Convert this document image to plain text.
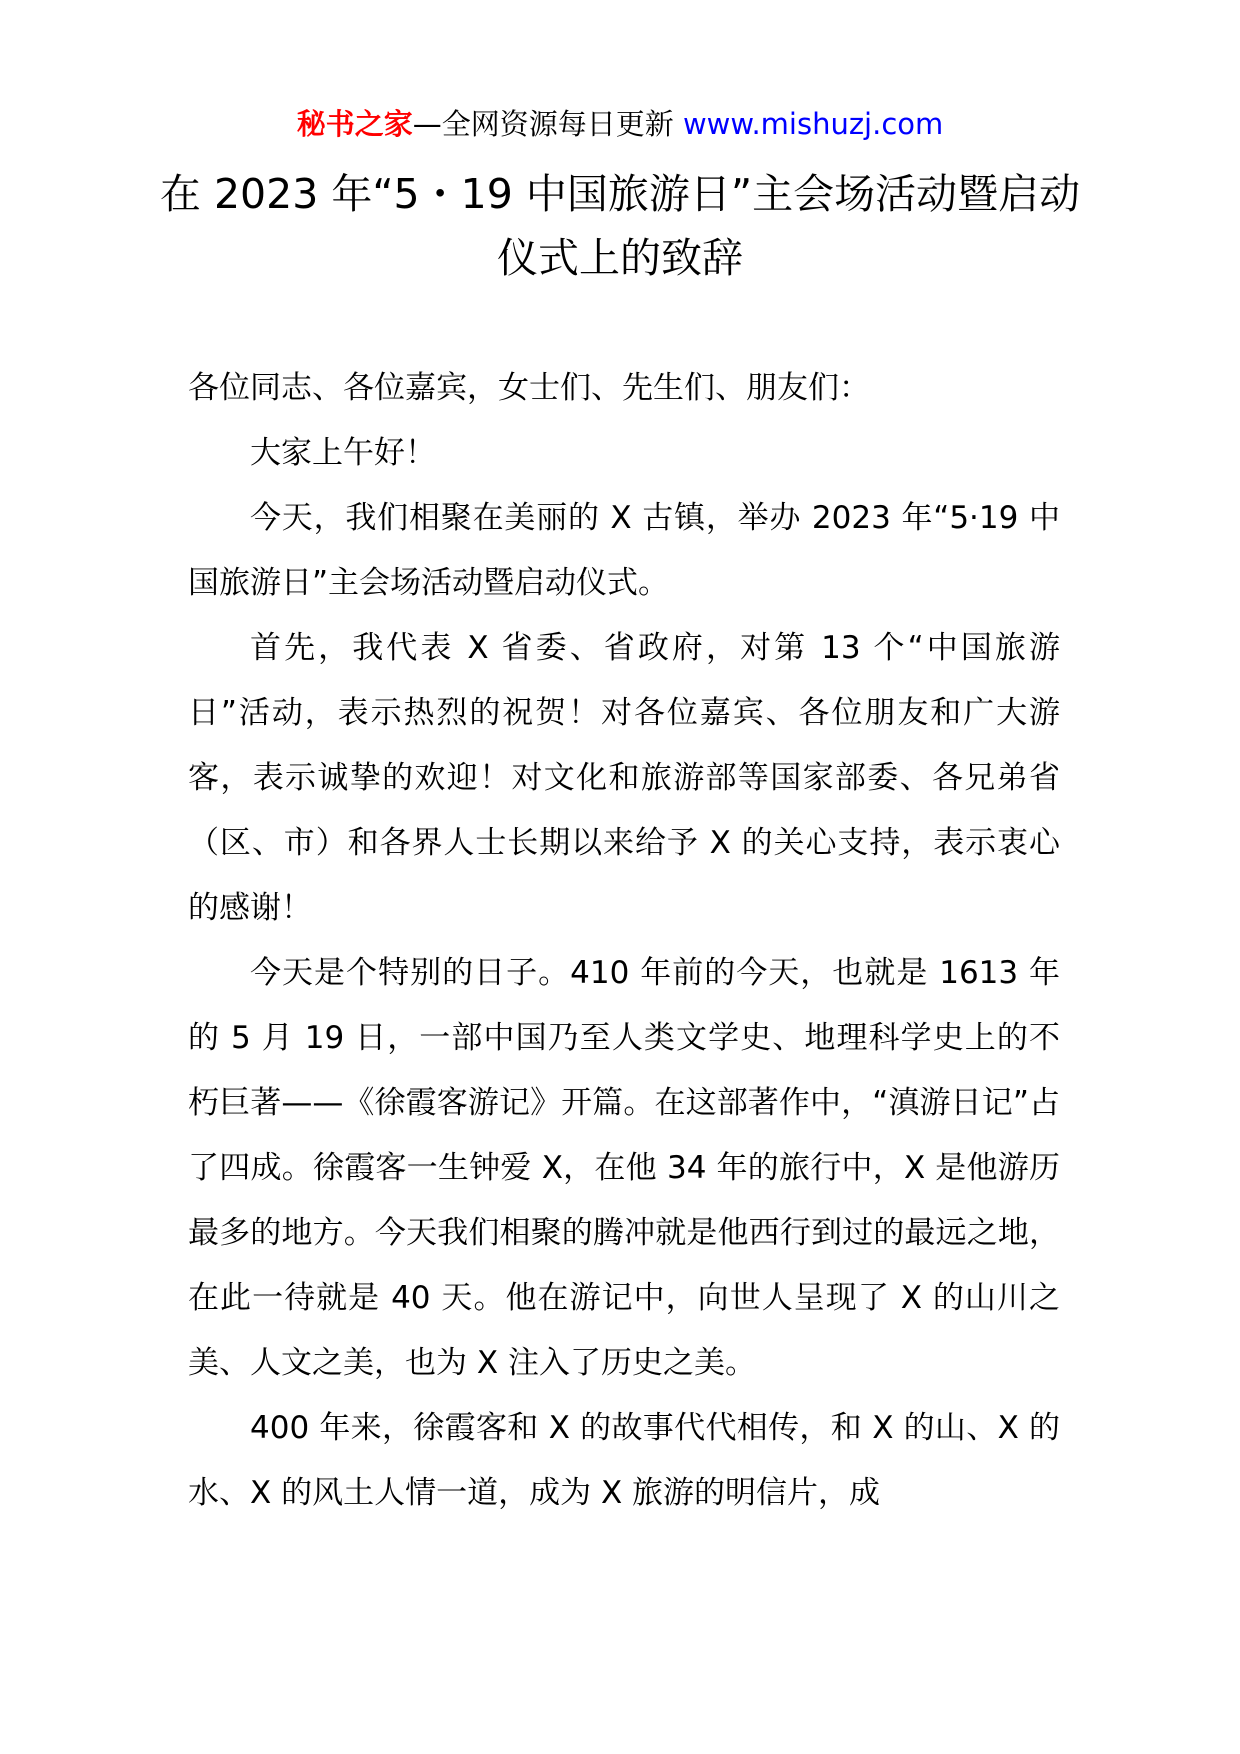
秘书之家—全网资源每日更新 www.mishuzj.com
在 2023 年“5・19 中国旅游日”主会场活动暨启动仪式上的致辞

各位同志、各位嘉宾，女士们、先生们、朋友们：

大家上午好！

今天，我们相聚在美丽的 X 古镇，举办 2023 年“5·19 中国旅游日”主会场活动暨启动仪式。

首先，我代表 X 省委、省政府，对第 13 个“中国旅游日”活动，表示热烈的祝贺！对各位嘉宾、各位朋友和广大游客，表示诚挚的欢迎！对文化和旅游部等国家部委、各兄弟省（区、市）和各界人士长期以来给予 X 的关心支持，表示衷心的感谢！

今天是个特别的日子。410 年前的今天，也就是 1613 年的 5 月 19 日，一部中国乃至人类文学史、地理科学史上的不朽巨著——《徐霞客游记》开篇。在这部著作中，“滇游日记”占了四成。徐霞客一生钟爱 X，在他 34 年的旅行中，X 是他游历最多的地方。今天我们相聚的腾冲就是他西行到过的最远之地，在此一待就是 40 天。他在游记中，向世人呈现了 X 的山川之美、人文之美，也为 X 注入了历史之美。

400 年来，徐霞客和 X 的故事代代相传，和 X 的山、X 的水、X 的风土人情一道，成为 X 旅游的明信片，成
